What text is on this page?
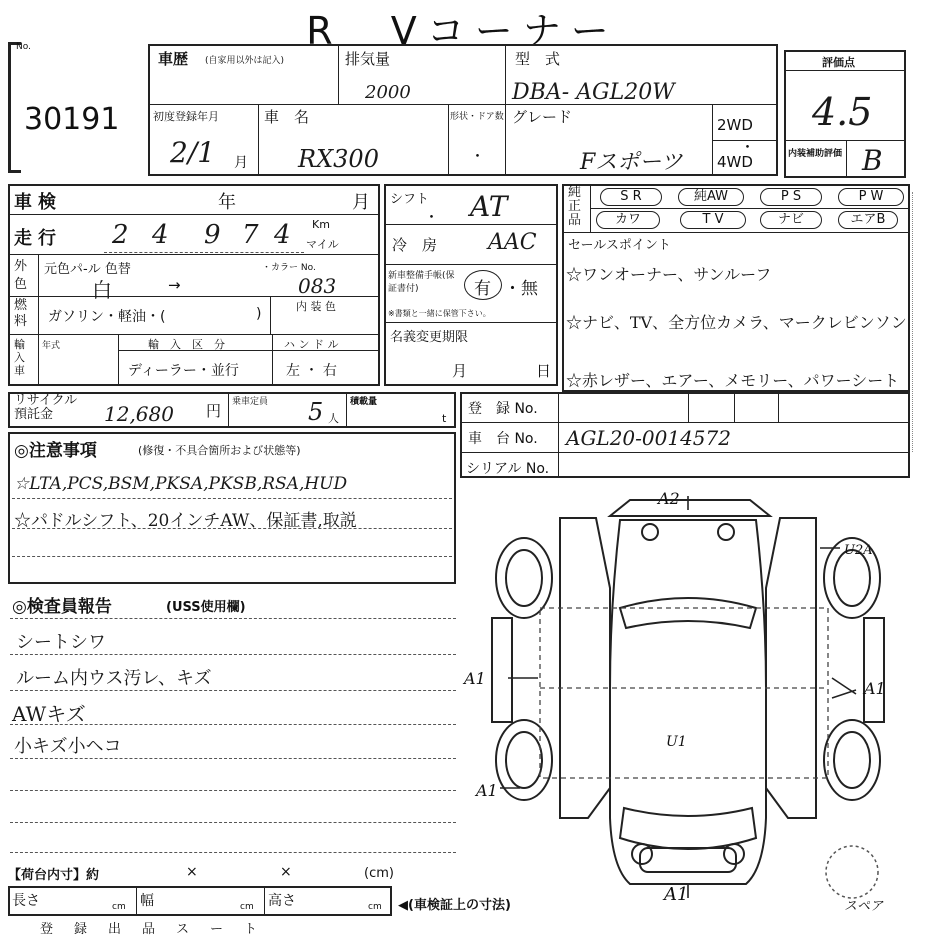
R　Vコーナー
No.
30191
車歴 (自家用以外は記入)	排気量
2000
型　式
DBA- AGL20W
初度登録年月
2/1 月
車　名
RX300
形状・ドア数
・
グレード
Fスポーツ
2WD
・
4WD
評価点
4.5
内装補助評価 B
車検	年	月
走行 2 4 9 7 4 Km
マイル
外色
元色パ-ル 色替
白	→
・カラー No.
083
燃料 ガソリン・軽油・(	)	内 装 色
輸入車
年式	輸　入　区　分
ディーラー・並行
ハ ン ド ル
左 ・ 右
シフト
・ AT
冷　房 AAC
新車整備手帳(保証書付)	有 ・無
※書類と一緒に保管下さい。
名義変更期限
月	日
純正品
S R	純AW	P S	P W
カワ	T V	ナビ	エアB
セールスポイント
☆ワンオーナー、サンルーフ
☆ナビ、TV、全方位カメラ、マークレビンソン
☆赤レザー、エアー、メモリー、パワーシート
リサイクル預託金	12,680 円 乗車定員 5 人
積載量
t
登　録 No.
車　台 No. AGL20-0014572
シリアル No.
◎注意事項	(修復・不具合箇所および状態等)
☆LTA,PCS,BSM,PKSA,PKSB,RSA,HUD
☆パドルシフト、20インチAW、保証書,取説
◎検査員報告	(USS使用欄)
シートシワ
ルーム内ウス汚レ、キズ
AWキズ
小キズ小ヘコ
【荷台内寸】約	×	×	(cm)
長さ	cm 幅	cm 高さ	cm ◀(車検証上の寸法)
登　録　出　品　ス　ー　ト
A2
U2A
A1
A1
A1
U1
A1
スペア
